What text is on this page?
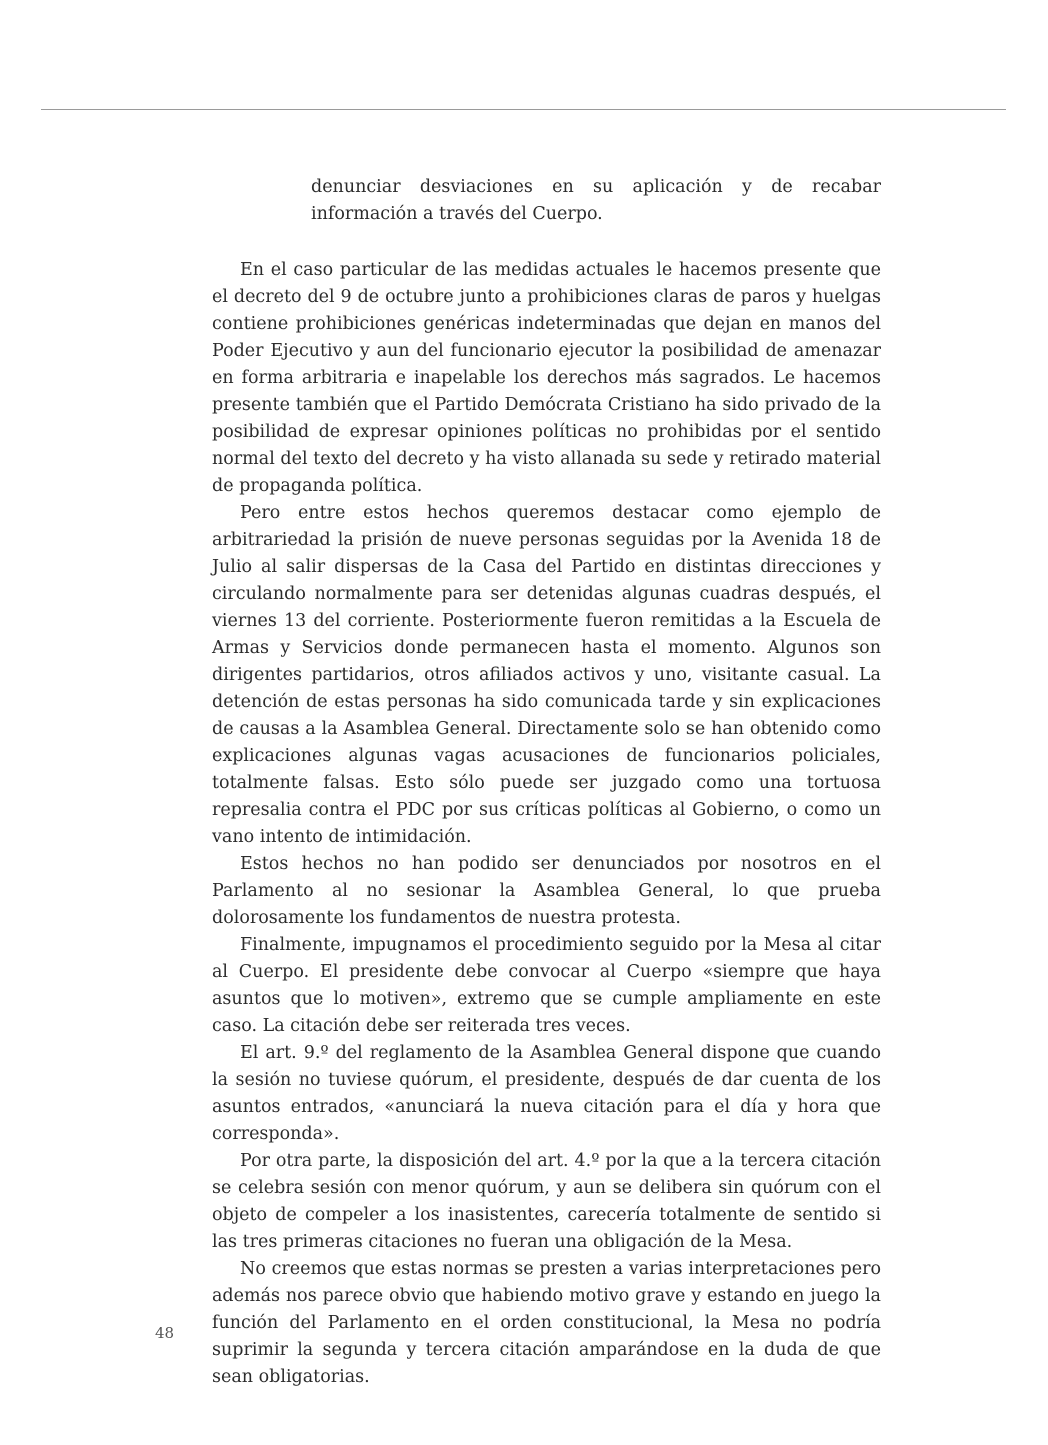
denunciar desviaciones en su aplicación y de recabar información a través del Cuerpo.

En el caso particular de las medidas actuales le hacemos presente que el decreto del 9 de octubre junto a prohibiciones claras de paros y huelgas contiene prohibiciones genéricas indeterminadas que dejan en manos del Poder Ejecutivo y aun del funcionario ejecutor la posibilidad de amenazar en forma arbitraria e inapelable los derechos más sagrados. Le hacemos presente también que el Partido Demócrata Cristiano ha sido privado de la posibilidad de expresar opiniones políticas no prohibidas por el sentido normal del texto del decreto y ha visto allanada su sede y retirado material de propaganda política.

Pero entre estos hechos queremos destacar como ejemplo de arbitrariedad la prisión de nueve personas seguidas por la Avenida 18 de Julio al salir dispersas de la Casa del Partido en distintas direcciones y circulando normalmente para ser detenidas algunas cuadras después, el viernes 13 del corriente. Posteriormente fueron remitidas a la Escuela de Armas y Servicios donde permanecen hasta el momento. Algunos son dirigentes partidarios, otros afiliados activos y uno, visitante casual. La detención de estas personas ha sido comunicada tarde y sin explicaciones de causas a la Asamblea General. Directamente solo se han obtenido como explicaciones algunas vagas acusaciones de funcionarios policiales, totalmente falsas. Esto sólo puede ser juzgado como una tortuosa represalia contra el PDC por sus críticas políticas al Gobierno, o como un vano intento de intimidación.

Estos hechos no han podido ser denunciados por nosotros en el Parlamento al no sesionar la Asamblea General, lo que prueba dolorosamente los fundamentos de nuestra protesta.

Finalmente, impugnamos el procedimiento seguido por la Mesa al citar al Cuerpo. El presidente debe convocar al Cuerpo «siempre que haya asuntos que lo motiven», extremo que se cumple ampliamente en este caso. La citación debe ser reiterada tres veces.

El art. 9.º del reglamento de la Asamblea General dispone que cuando la sesión no tuviese quórum, el presidente, después de dar cuenta de los asuntos entrados, «anunciará la nueva citación para el día y hora que corresponda».

Por otra parte, la disposición del art. 4.º por la que a la tercera citación se celebra sesión con menor quórum, y aun se delibera sin quórum con el objeto de compeler a los inasistentes, carecería totalmente de sentido si las tres primeras citaciones no fueran una obligación de la Mesa.

No creemos que estas normas se presten a varias interpretaciones pero además nos parece obvio que habiendo motivo grave y estando en juego la función del Parlamento en el orden constitucional, la Mesa no podría suprimir la segunda y tercera citación amparándose en la duda de que sean obligatorias.

48
